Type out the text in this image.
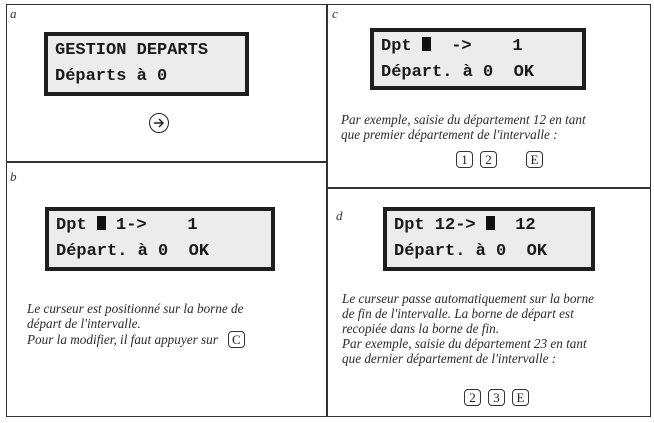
a
GESTION DEPARTS
Départs à 0
b
Dpt  1->    1
Départ. à 0  OK
Le curseur est positionné sur la borne de
départ de l'intervalle.
Pour la modifier, il faut appuyer sur	C
c
Dpt   ->    1
Départ. à 0  OK
Par exemple, saisie du département 12 en tant
que premier département de l'intervalle :
1	2	E
d
Dpt 12->   12
Départ. à 0  OK
Le curseur passe automatiquement sur la borne
de fin de l'intervalle. La borne de départ est
recopiée dans la borne de fin.
Par exemple, saisie du département 23 en tant
que dernier département de l'intervalle :
2	3	E
